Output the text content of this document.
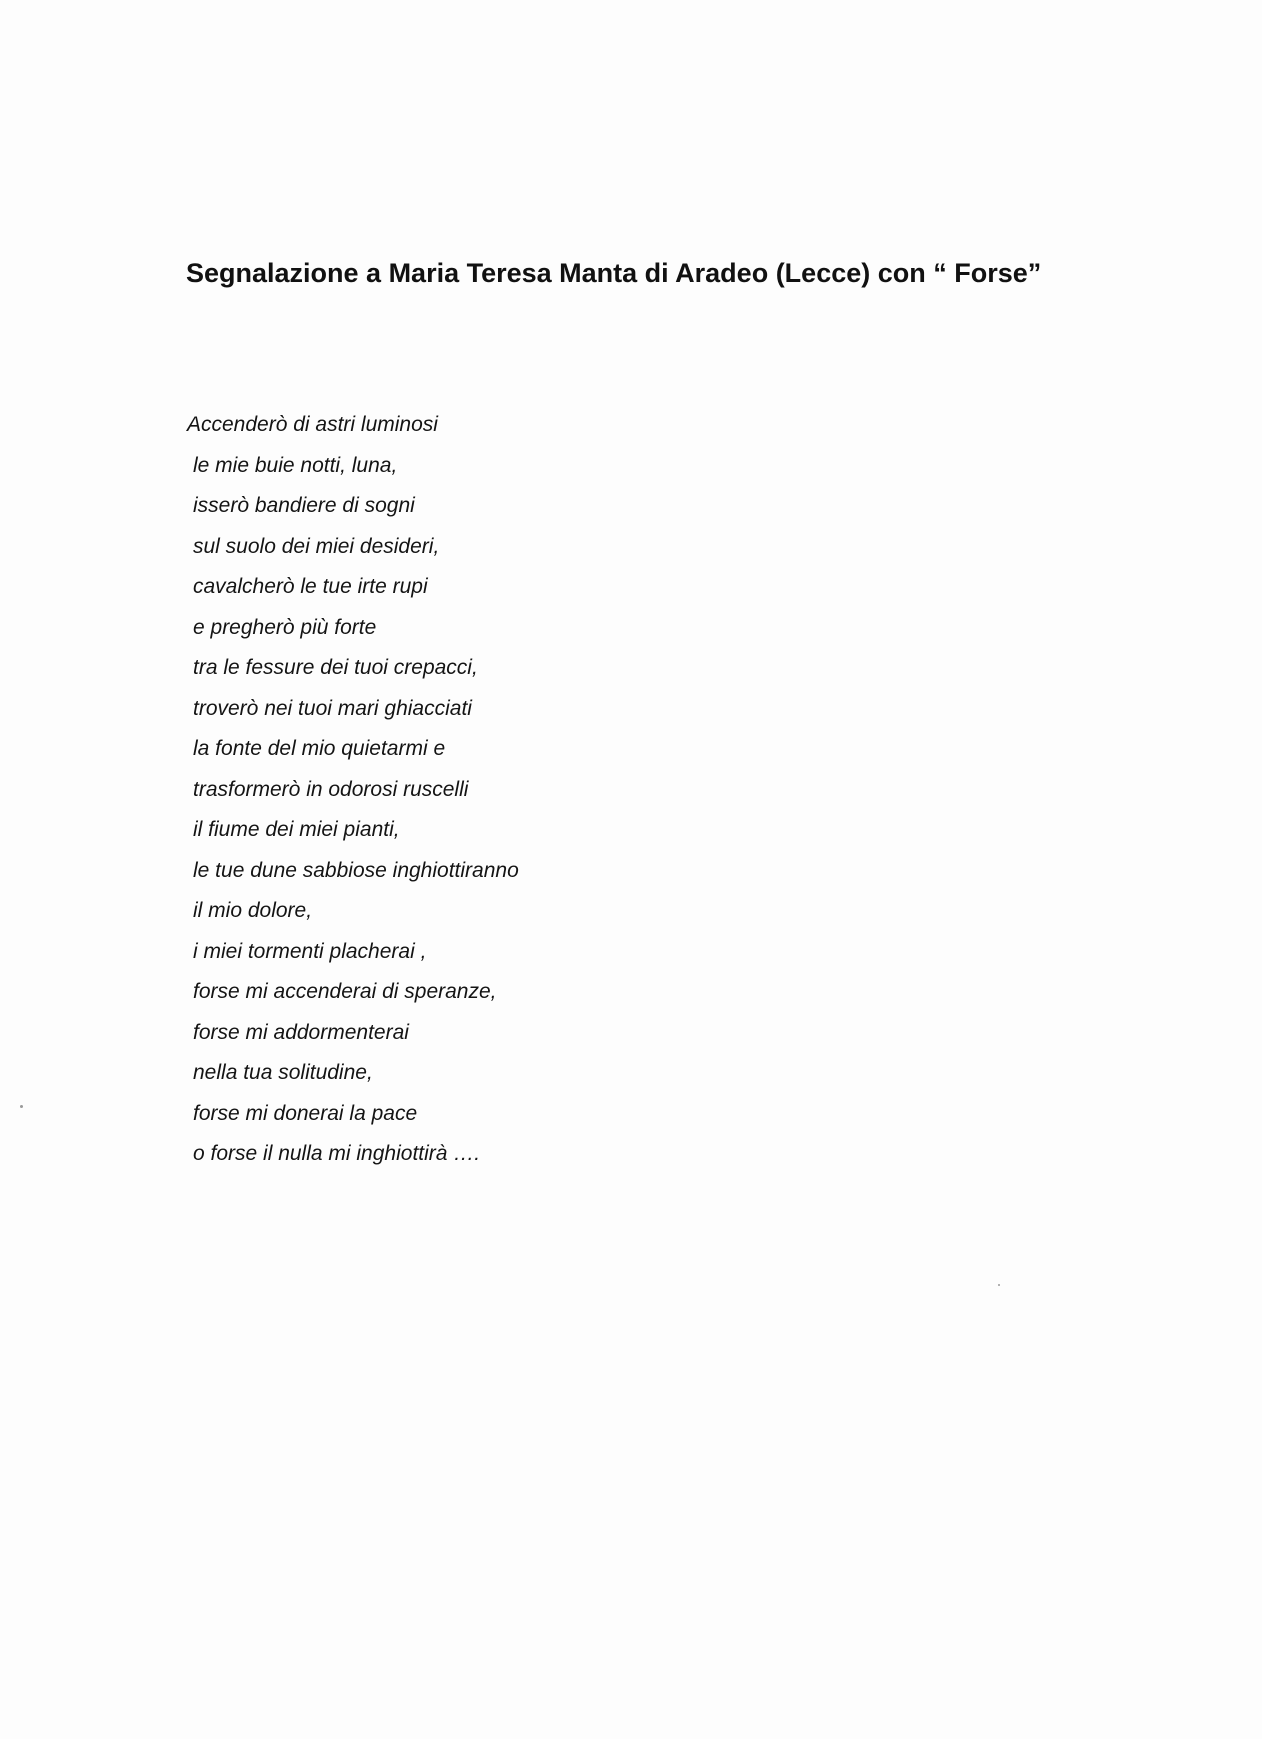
Segnalazione a Maria Teresa Manta di Aradeo (Lecce) con “ Forse”
Accenderò di astri luminosi
le mie buie notti, luna,
isserò bandiere di sogni
sul suolo dei miei desideri,
cavalcherò le tue irte rupi
e pregherò più forte
tra le fessure dei tuoi crepacci,
troverò nei tuoi mari ghiacciati
la fonte del mio quietarmi e
trasformerò in odorosi ruscelli
il fiume dei miei pianti,
le tue dune sabbiose inghiottiranno
il mio dolore,
i miei tormenti placherai ,
forse mi accenderai di speranze,
forse mi addormenterai
nella tua solitudine,
forse mi donerai la pace
o forse il nulla mi inghiottirà ….
